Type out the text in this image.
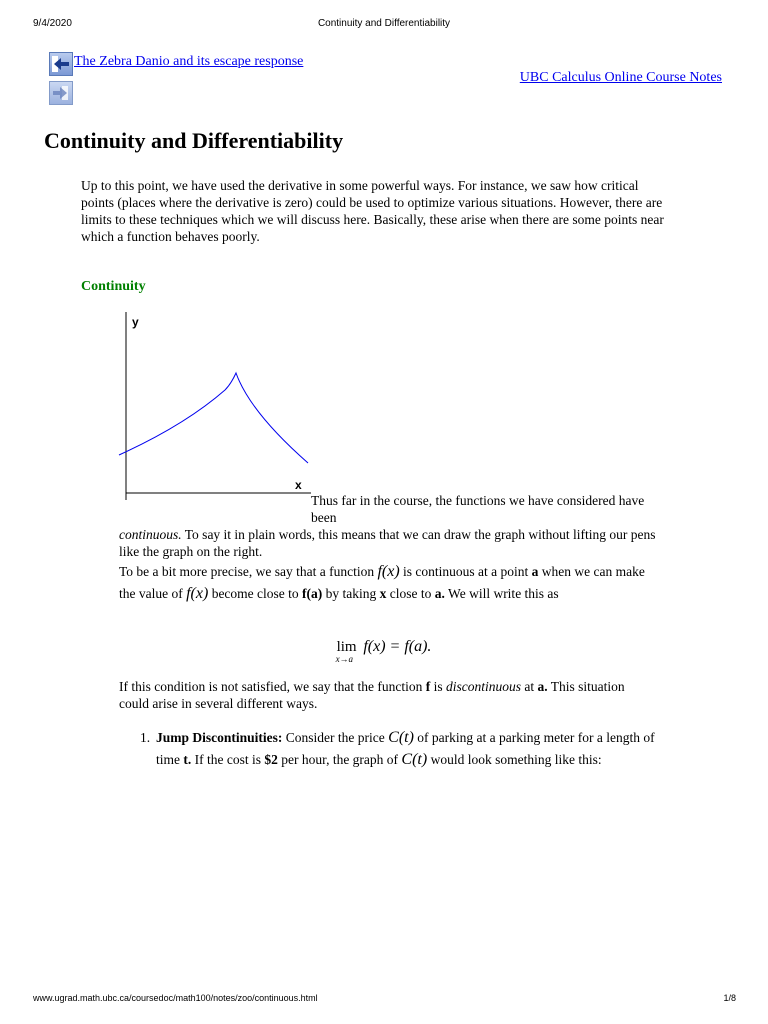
9/4/2020	Continuity and Differentiability
The Zebra Danio and its escape response
UBC Calculus Online Course Notes
Continuity and Differentiability

Up to this point, we have used the derivative in some powerful ways. For instance, we saw how critical points (places where the derivative is zero) could be used to optimize various situations. However, there are limits to these techniques which we will discuss here. Basically, these arise when there are some points near which a function behaves poorly.

Continuity

y
x

Thus far in the course, the functions we have considered have beencontinuous. To say it in plain words, this means that we can draw the graph without lifting our pens like the graph on the right.

To be a bit more precise, we say that a function f(x) is continuous at a point a when we can make the value of f(x) become close to f(a) by taking x close to a. We will write this as

lim
x→a
f(x) = f(a).

If this condition is not satisfied, we say that the function f is discontinuous at a. This situation could arise in several different ways.

1. Jump Discontinuities: Consider the price C(t) of parking at a parking meter for a length of time t. If the cost is $2 per hour, the graph of C(t) would look something like this:
www.ugrad.math.ubc.ca/coursedoc/math100/notes/zoo/continuous.html	1/8
